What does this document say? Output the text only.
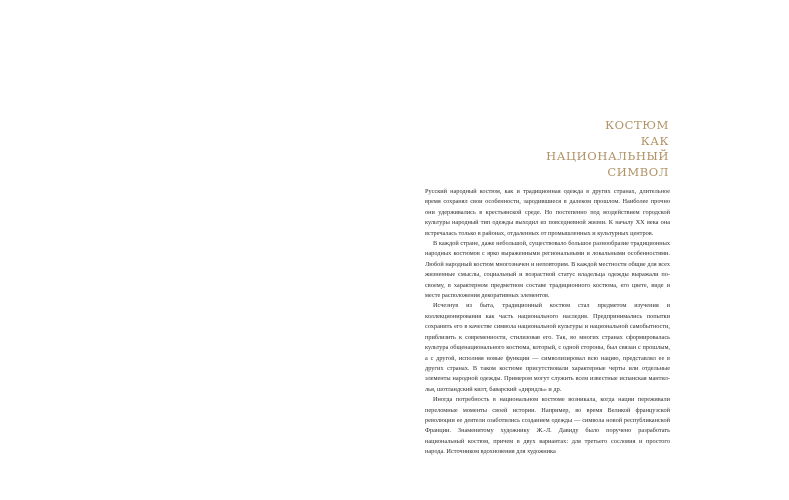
КОСТЮМ
КАК
НАЦИОНАЛЬНЫЙ
СИМВОЛ

Русский народный костюм, как и традиционная одежда в других странах, длительное время сохранял свои особенности, зародившиеся в далеком прошлом. Наиболее прочно они удерживались в крестьянской среде. Но постепенно под воздействием городской культуры народный тип одежды выходил из повседневной жизни. К началу XX века она встречалась только в районах, отдаленных от промышленных и культурных центров.

В каждой стране, даже небольшой, существовало большое разнообразие традиционных народных костюмов с ярко выраженными региональными и локальными особенностями. Любой народный костюм многозначен и неповторим. В каждой местности общие для всех жизненные смыслы, социальный и возрастной статус владельца одежды выражали по-своему, в характерном предметном составе традиционного костюма, его цвете, виде и месте расположения декоративных элементов.

Исчезнув из быта, традиционный костюм стал предметом изучения и коллекционирования как часть национального наследия. Предпринимались попытки сохранить его в качестве символа национальной культуры и национальной самобытности, приблизить к современности, стилизовав его. Так, во многих странах сформировалась культура общенационального костюма, который, с одной стороны, был связан с прошлым, а с другой, исполняя новые функции — символизировал всю нацию, представлял ее в других странах. В таком костюме присутствовали характерные черты или отдельные элементы народной одежды. Примером могут служить всем известные испанская мантиллья, шотландский килт, баварский «дирндль» и др.

Иногда потребность в национальном костюме возникала, когда нации переживали переломные моменты своей истории. Например, во время Великой французской революции ее деятели озаботились созданием одежды — символа новой республиканской Франции. Знаменитому художнику Ж.-Л. Давиду было поручено разработать национальный костюм, причем в двух вариантах: для третьего сословия и простого народа. Источником вдохновения для художника
